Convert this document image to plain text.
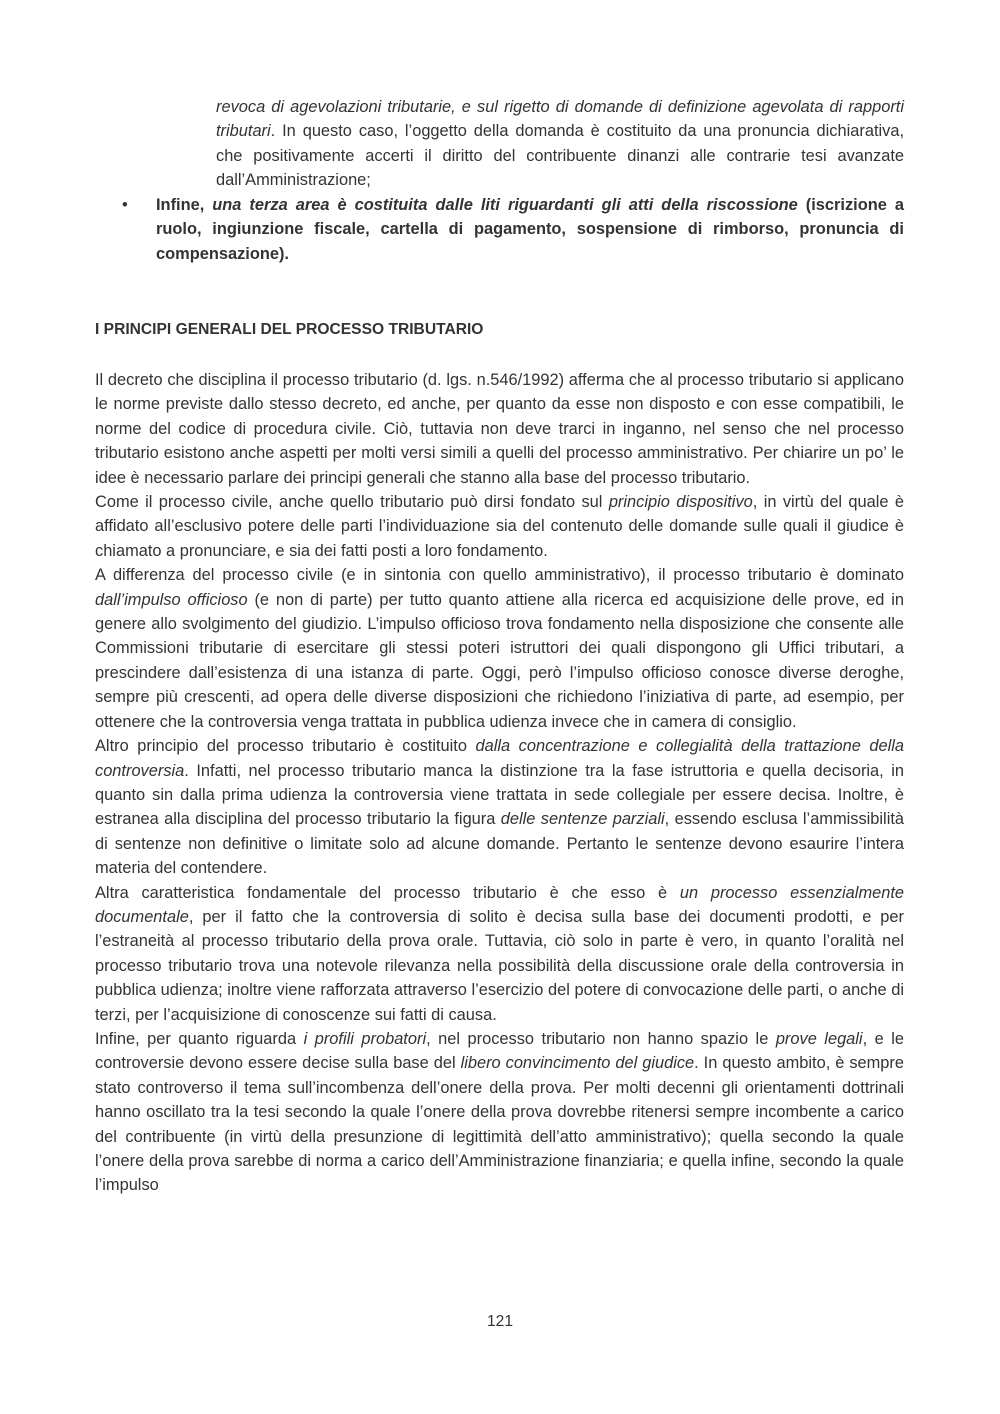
revoca di agevolazioni tributarie, e sul rigetto di domande di definizione agevolata di rapporti tributari. In questo caso, l’oggetto della domanda è costituito da una pronuncia dichiarativa, che positivamente accerti il diritto del contribuente dinanzi alle contrarie tesi avanzate dall’Amministrazione;

• Infine, una terza area è costituita dalle liti riguardanti gli atti della riscossione (iscrizione a ruolo, ingiunzione fiscale, cartella di pagamento, sospensione di rimborso, pronuncia di compensazione).

I PRINCIPI GENERALI DEL PROCESSO TRIBUTARIO

Il decreto che disciplina il processo tributario (d. lgs. n.546/1992) afferma che al processo tributario si applicano le norme previste dallo stesso decreto, ed anche, per quanto da esse non disposto e con esse compatibili, le norme del codice di procedura civile. Ciò, tuttavia non deve trarci in inganno, nel senso che nel processo tributario esistono anche aspetti per molti versi simili a quelli del processo amministrativo. Per chiarire un po’ le idee è necessario parlare dei principi generali che stanno alla base del processo tributario.

Come il processo civile, anche quello tributario può dirsi fondato sul principio dispositivo, in virtù del quale è affidato all’esclusivo potere delle parti l’individuazione sia del contenuto delle domande sulle quali il giudice è chiamato a pronunciare, e sia dei fatti posti a loro fondamento.

A differenza del processo civile (e in sintonia con quello amministrativo), il processo tributario è dominato dall’impulso officioso (e non di parte) per tutto quanto attiene alla ricerca ed acquisizione delle prove, ed in genere allo svolgimento del giudizio. L’impulso officioso trova fondamento nella disposizione che consente alle Commissioni tributarie di esercitare gli stessi poteri istruttori dei quali dispongono gli Uffici tributari, a prescindere dall’esistenza di una istanza di parte. Oggi, però l’impulso officioso conosce diverse deroghe, sempre più crescenti, ad opera delle diverse disposizioni che richiedono l’iniziativa di parte, ad esempio, per ottenere che la controversia venga trattata in pubblica udienza invece che in camera di consiglio.

Altro principio del processo tributario è costituito dalla concentrazione e collegialità della trattazione della controversia. Infatti, nel processo tributario manca la distinzione tra la fase istruttoria e quella decisoria, in quanto sin dalla prima udienza la controversia viene trattata in sede collegiale per essere decisa. Inoltre, è estranea alla disciplina del processo tributario la figura delle sentenze parziali, essendo esclusa l’ammissibilità di sentenze non definitive o limitate solo ad alcune domande. Pertanto le sentenze devono esaurire l’intera materia del contendere.

Altra caratteristica fondamentale del processo tributario è che esso è un processo essenzialmente documentale, per il fatto che la controversia di solito è decisa sulla base dei documenti prodotti, e per l’estraneità al processo tributario della prova orale. Tuttavia, ciò solo in parte è vero, in quanto l’oralità nel processo tributario trova una notevole rilevanza nella possibilità della discussione orale della controversia in pubblica udienza; inoltre viene rafforzata attraverso l’esercizio del potere di convocazione delle parti, o anche di terzi, per l’acquisizione di conoscenze sui fatti di causa.

Infine, per quanto riguarda i profili probatori, nel processo tributario non hanno spazio le prove legali, e le controversie devono essere decise sulla base del libero convincimento del giudice. In questo ambito, è sempre stato controverso il tema sull’incombenza dell’onere della prova. Per molti decenni gli orientamenti dottrinali hanno oscillato tra la tesi secondo la quale l’onere della prova dovrebbe ritenersi sempre incombente a carico del contribuente (in virtù della presunzione di legittimità dell’atto amministrativo); quella secondo la quale l’onere della prova sarebbe di norma a carico dell’Amministrazione finanziaria; e quella infine, secondo la quale l’impulso

121
